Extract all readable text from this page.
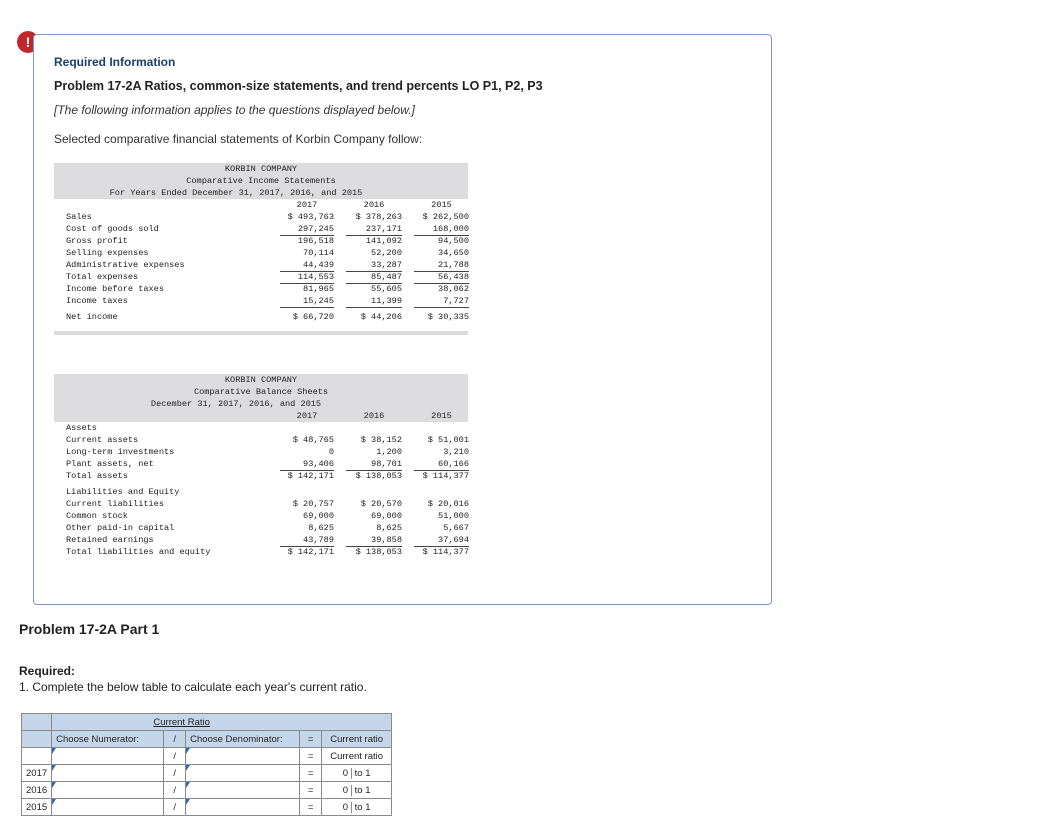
!
Required Information
Problem 17-2A Ratios, common-size statements, and trend percents LO P1, P2, P3
[The following information applies to the questions displayed below.]
Selected comparative financial statements of Korbin Company follow:
KORBIN COMPANY
Comparative Income Statements
For Years Ended December 31, 2017, 2016, and 2015
2017	2016	2015
Sales	$ 493,763	$ 378,263	$ 262,500
Cost of goods sold	297,245	237,171	168,000
Gross profit	196,518	141,092	94,500
Selling expenses	70,114	52,200	34,650
Administrative expenses	44,439	33,287	21,788
Total expenses	114,553	85,487	56,438
Income before taxes	81,965	55,605	38,062
Income taxes	15,245	11,399	7,727
Net income	$ 66,720	$ 44,206	$ 30,335
KORBIN COMPANY
Comparative Balance Sheets
December 31, 2017, 2016, and 2015
2017	2016	2015
Assets
Current assets	$ 48,765	$ 38,152	$ 51,001
Long-term investments	0	1,200	3,210
Plant assets, net	93,406	98,701	60,166
Total assets	$ 142,171	$ 138,053	$ 114,377
Liabilities and Equity
Current liabilities	$ 20,757	$ 20,570	$ 20,016
Common stock	69,000	69,000	51,000
Other paid-in capital	8,625	8,625	5,667
Retained earnings	43,789	39,858	37,694
Total liabilities and equity	$ 142,171	$ 138,053	$ 114,377
Problem 17-2A Part 1
Required:
1. Complete the below table to calculate each year's current ratio.
	Current Ratio				
	Choose Numerator:	/	Choose Denominator:	=	Current ratio
		/		=	Current ratio
2017		/		=	0 to 1
2016		/		=	0 to 1
2015		/		=	0 to 1
